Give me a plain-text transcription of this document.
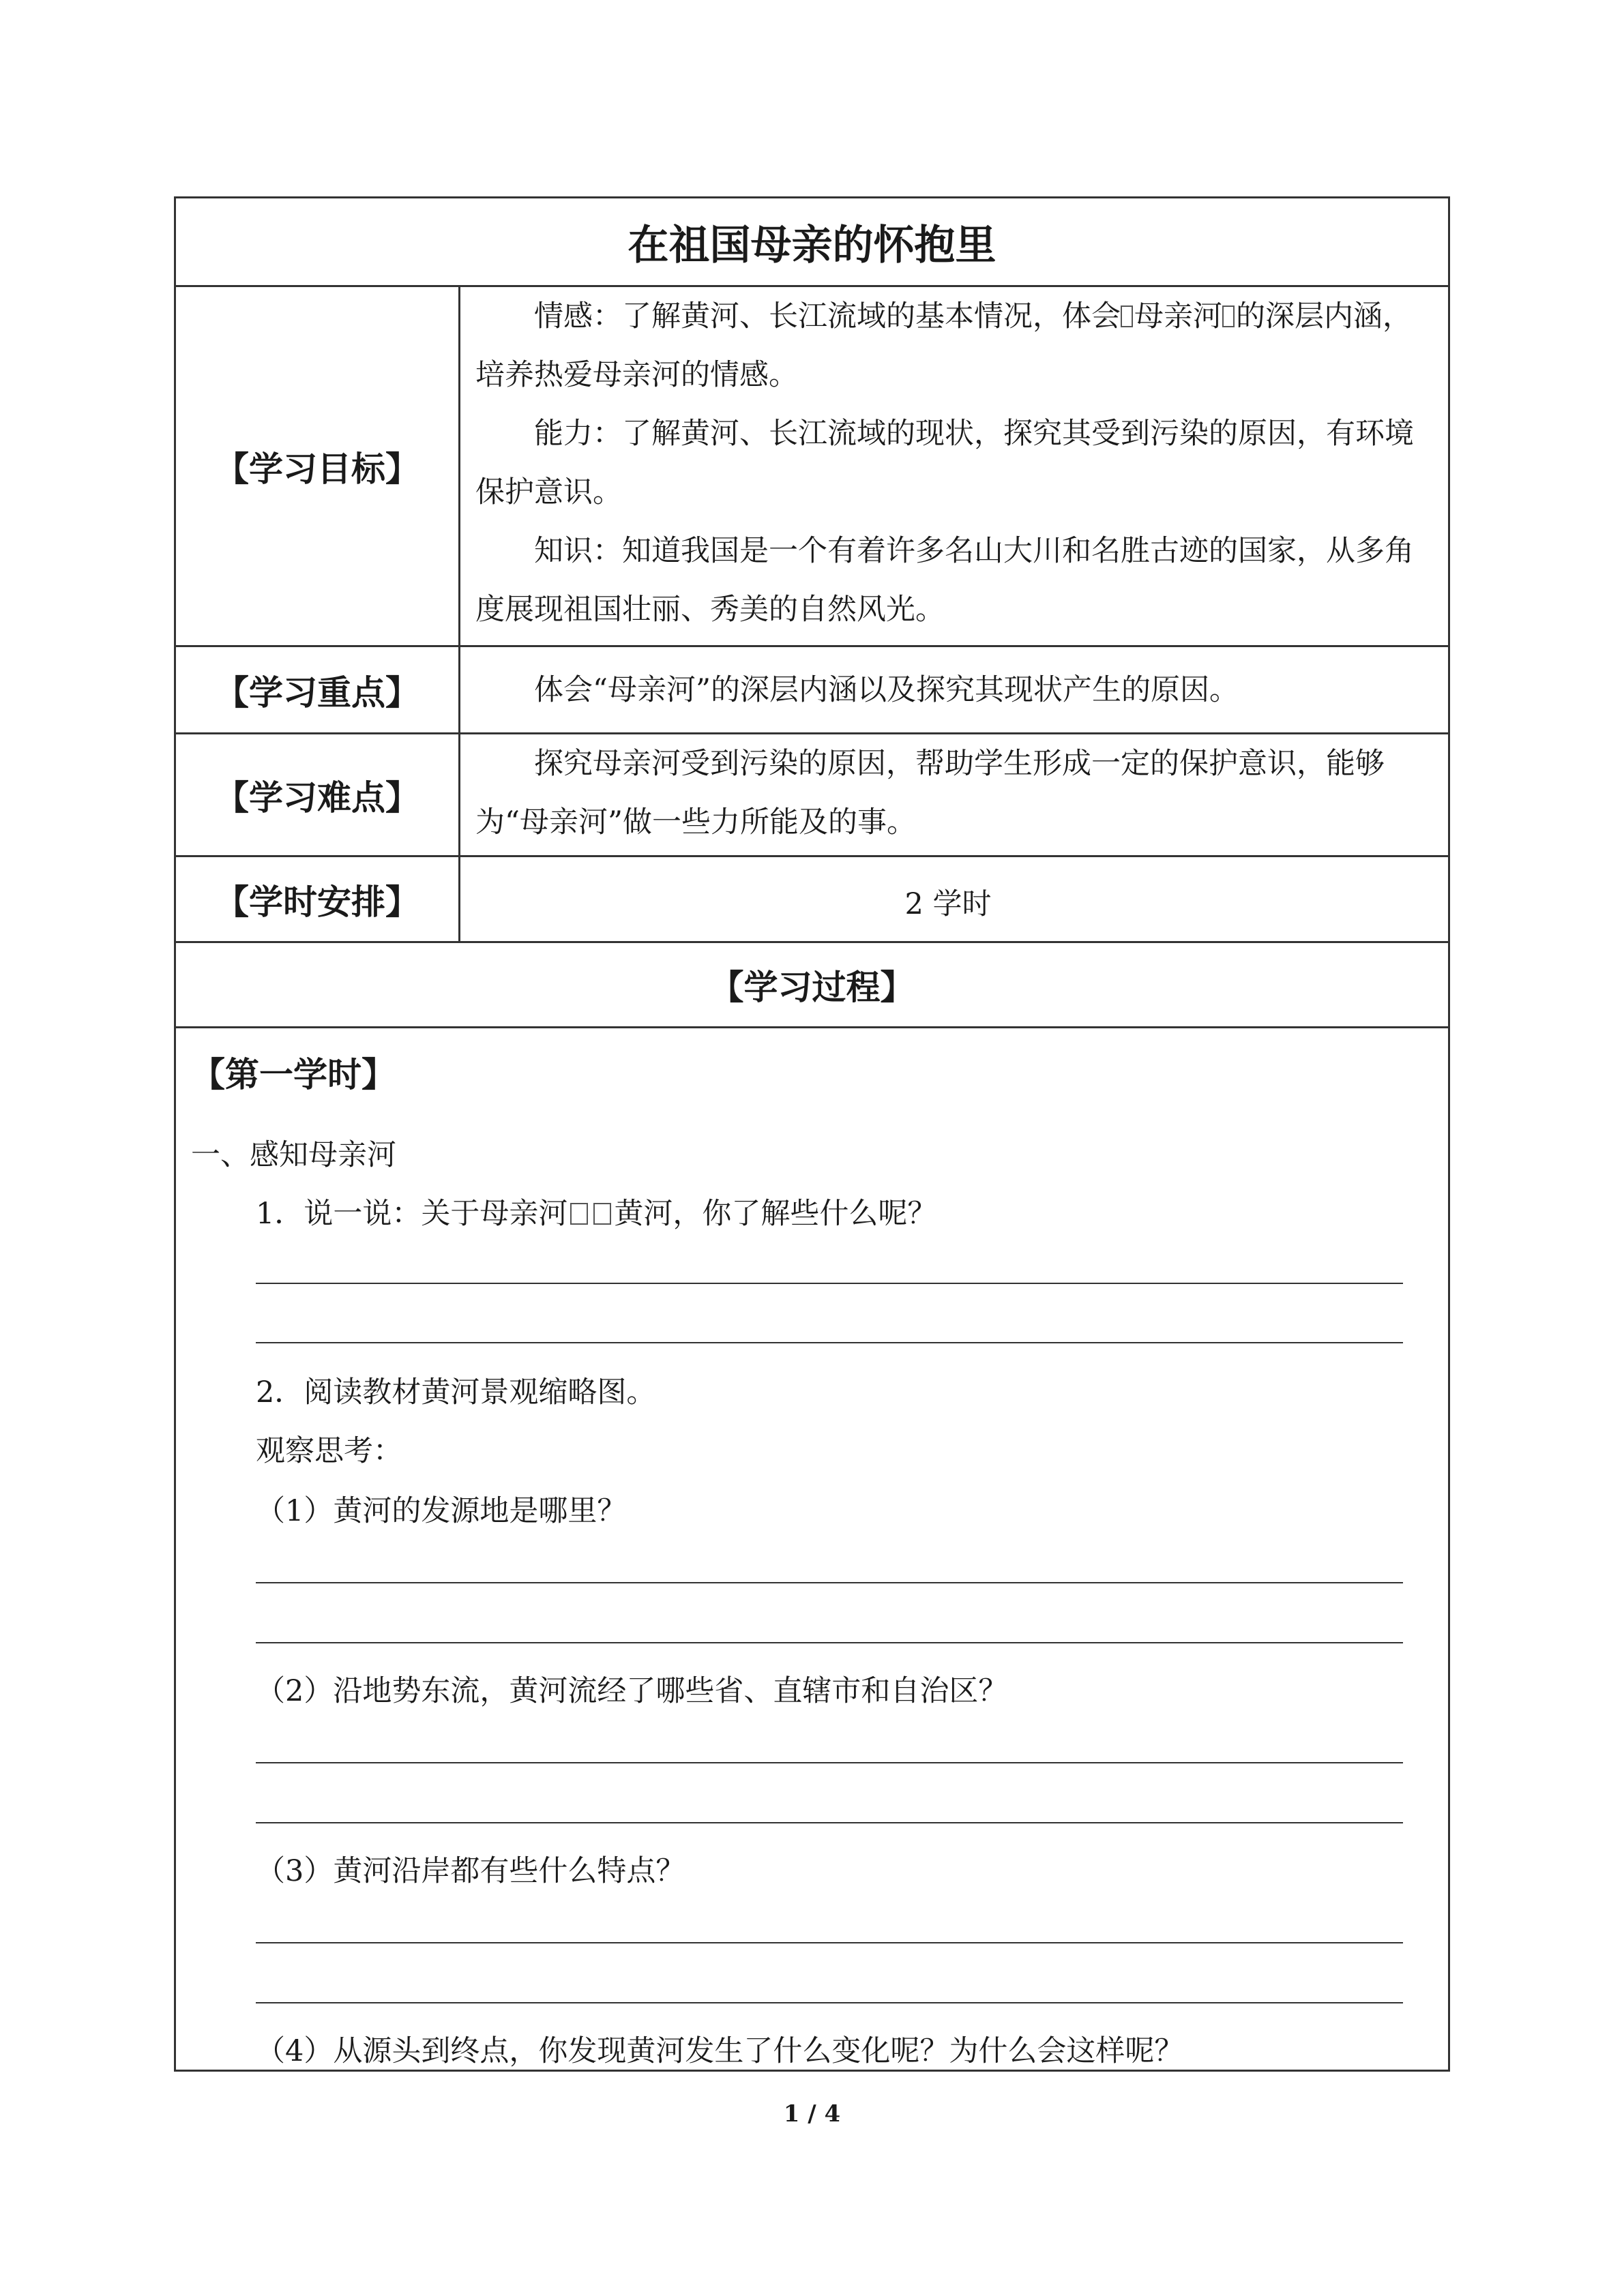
在祖国母亲的怀抱里
【学习目标】

情感：了解黄河、长江流域的基本情况，体会 母亲河 的深层内涵，培养热爱母亲河的情感。

能力：了解黄河、长江流域的现状，探究其受到污染的原因，有环境保护意识。

知识：知道我国是一个有着许多名山大川和名胜古迹的国家，从多角度展现祖国壮丽、秀美的自然风光。

【学习重点】	体会“母亲河”的深层内涵以及探究其现状产生的原因。

【学习难点】

探究母亲河受到污染的原因，帮助学生形成一定的保护意识，能够为“母亲河”做一些力所能及的事。

【学时安排】	2 学时
【学习过程】
【第一学时】
一、感知母亲河
1．说一说：关于母亲河 黄河，你了解些什么呢？
2．阅读教材黄河景观缩略图。
观察思考：
（1）黄河的发源地是哪里？
（2）沿地势东流，黄河流经了哪些省、直辖市和自治区？
（3）黄河沿岸都有些什么特点？
（4）从源头到终点，你发现黄河发生了什么变化呢？为什么会这样呢？
1 / 4
